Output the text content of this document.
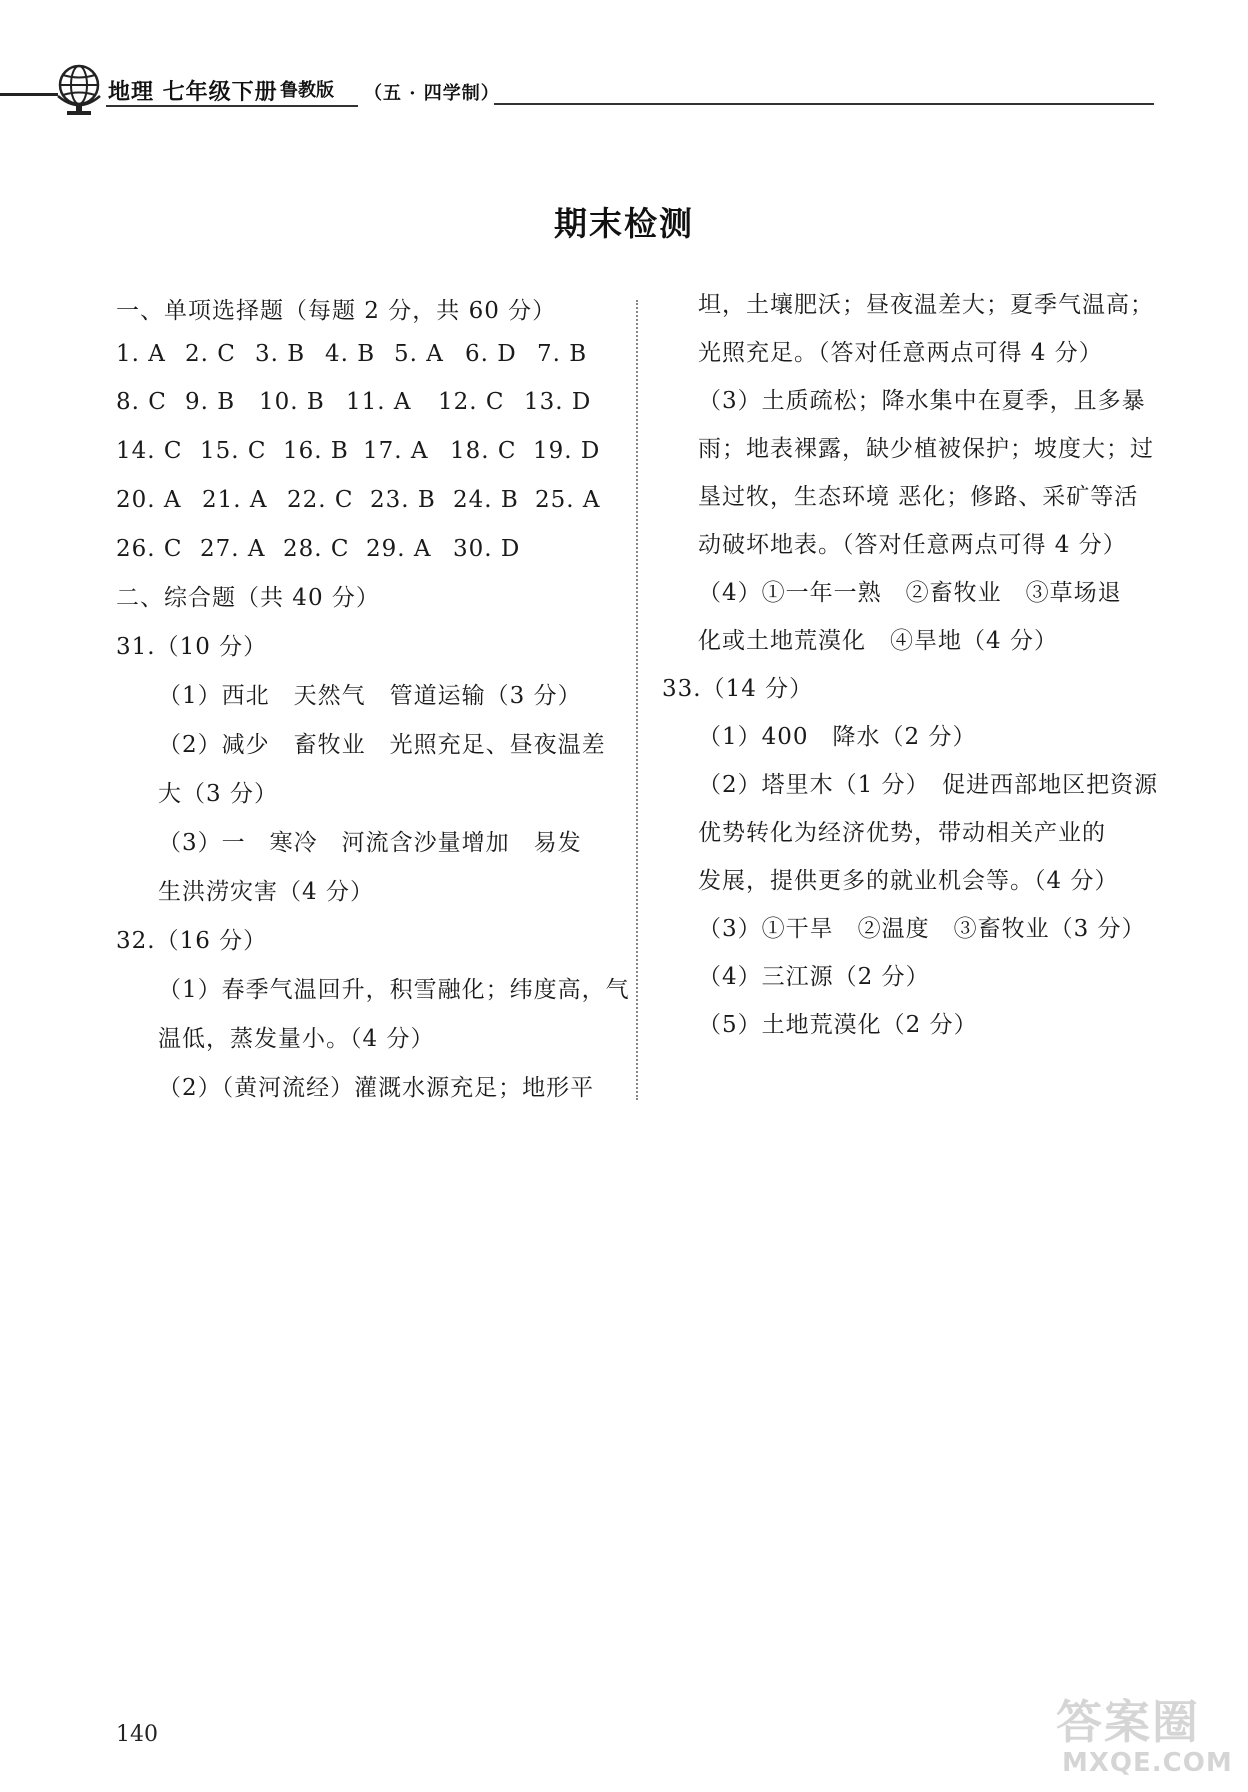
地理 七年级下册 鲁教版 （五 · 四学制）
期末检测
一、单项选择题（每题 2 分，共 60 分）
1. A 2. C 3. B 4. B 5. A 6. D 7. B
8. C 9. B 10. B 11. A 12. C 13. D
14. C 15. C 16. B 17. A 18. C 19. D
20. A 21. A 22. C 23. B 24. B 25. A
26. C 27. A 28. C 29. A 30. D
二、综合题（共 40 分）
31.（10 分）
（1）西北　天然气　管道运输（3 分）
（2）减少　畜牧业　光照充足、昼夜温差
大（3 分）
（3）一　寒冷　河流含沙量增加　易发
生洪涝灾害（4 分）
32.（16 分）
（1）春季气温回升，积雪融化；纬度高，气
温低，蒸发量小。（4 分）
（2）（黄河流经）灌溉水源充足；地形平
坦，土壤肥沃；昼夜温差大；夏季气温高；
光照充足。（答对任意两点可得 4 分）
（3）土质疏松；降水集中在夏季，且多暴
雨；地表裸露，缺少植被保护；坡度大；过
垦过牧，生态环境 恶化；修路、采矿等活
动破坏地表。（答对任意两点可得 4 分）
（4）①一年一熟　②畜牧业　③草场退
化或土地荒漠化　④旱地（4 分）
33.（14 分）
（1）400　降水（2 分）
（2）塔里木（1 分）　促进西部地区把资源
优势转化为经济优势，带动相关产业的
发展，提供更多的就业机会等。（4 分）
（3）①干旱　②温度　③畜牧业（3 分）
（4）三江源（2 分）
（5）土地荒漠化（2 分）
140	答案圈
MXQE.COM
